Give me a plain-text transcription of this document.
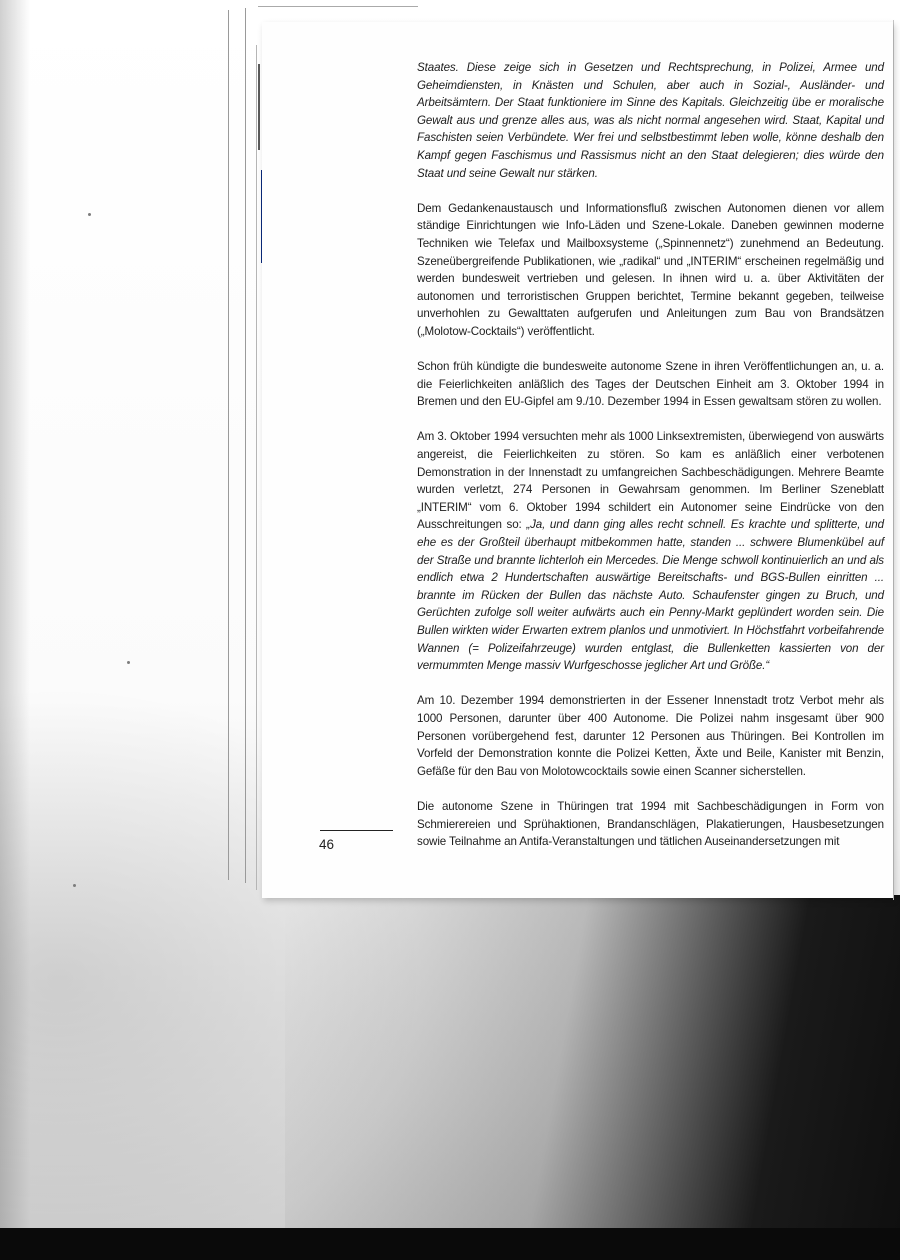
Staates. Diese zeige sich in Gesetzen und Rechtsprechung, in Polizei, Armee und Geheimdiensten, in Knästen und Schulen, aber auch in Sozial-, Ausländer- und Arbeitsämtern. Der Staat funktioniere im Sinne des Kapitals. Gleichzeitig übe er moralische Gewalt aus und grenze alles aus, was als nicht normal angesehen wird. Staat, Kapital und Faschisten seien Verbündete. Wer frei und selbstbestimmt leben wolle, könne deshalb den Kampf gegen Faschismus und Rassismus nicht an den Staat delegieren; dies würde den Staat und seine Gewalt nur stärken.

Dem Gedankenaustausch und Informationsfluß zwischen Autonomen dienen vor allem ständige Einrichtungen wie Info-Läden und Szene-Lokale. Daneben gewinnen moderne Techniken wie Telefax und Mailboxsysteme („Spinnennetz“) zunehmend an Bedeutung. Szeneübergreifende Publikationen, wie „radikal“ und „INTERIM“ erscheinen regelmäßig und werden bundesweit vertrieben und gelesen. In ihnen wird u. a. über Aktivitäten der autonomen und terroristischen Gruppen berichtet, Termine bekannt gegeben, teilweise unverhohlen zu Gewalttaten aufgerufen und Anleitungen zum Bau von Brandsätzen („Molotow-Cocktails“) veröffentlicht.

Schon früh kündigte die bundesweite autonome Szene in ihren Veröffentlichungen an, u. a. die Feierlichkeiten anläßlich des Tages der Deutschen Einheit am 3. Oktober 1994 in Bremen und den EU-Gipfel am 9./10. Dezember 1994 in Essen gewaltsam stören zu wollen.

Am 3. Oktober 1994 versuchten mehr als 1000 Linksextremisten, überwiegend von auswärts angereist, die Feierlichkeiten zu stören. So kam es anläßlich einer verbotenen Demonstration in der Innenstadt zu umfangreichen Sachbeschädigungen. Mehrere Beamte wurden verletzt, 274 Personen in Gewahrsam genommen. Im Berliner Szeneblatt „INTERIM“ vom 6. Oktober 1994 schildert ein Autonomer seine Eindrücke von den Ausschreitungen so: „Ja, und dann ging alles recht schnell. Es krachte und splitterte, und ehe es der Großteil überhaupt mitbekommen hatte, standen ... schwere Blumenkübel auf der Straße und brannte lichterloh ein Mercedes. Die Menge schwoll kontinuierlich an und als endlich etwa 2 Hundertschaften auswärtige Bereitschafts- und BGS-Bullen einritten ... brannte im Rücken der Bullen das nächste Auto. Schaufenster gingen zu Bruch, und Gerüchten zufolge soll weiter aufwärts auch ein Penny-Markt geplündert worden sein. Die Bullen wirkten wider Erwarten extrem planlos und unmotiviert. In Höchstfahrt vorbeifahrende Wannen (= Polizeifahrzeuge) wurden entglast, die Bullenketten kassierten von der vermummten Menge massiv Wurfgeschosse jeglicher Art und Größe.“

Am 10. Dezember 1994 demonstrierten in der Essener Innenstadt trotz Verbot mehr als 1000 Personen, darunter über 400 Autonome. Die Polizei nahm insgesamt über 900 Personen vorübergehend fest, darunter 12 Personen aus Thüringen. Bei Kontrollen im Vorfeld der Demonstration konnte die Polizei Ketten, Äxte und Beile, Kanister mit Benzin, Gefäße für den Bau von Molotowcocktails sowie einen Scanner sicherstellen.

Die autonome Szene in Thüringen trat 1994 mit Sachbeschädigungen in Form von Schmierereien und Sprühaktionen, Brandanschlägen, Plakatierungen, Hausbesetzungen sowie Teilnahme an Antifa-Veranstaltungen und tätlichen Auseinandersetzungen mit

46
